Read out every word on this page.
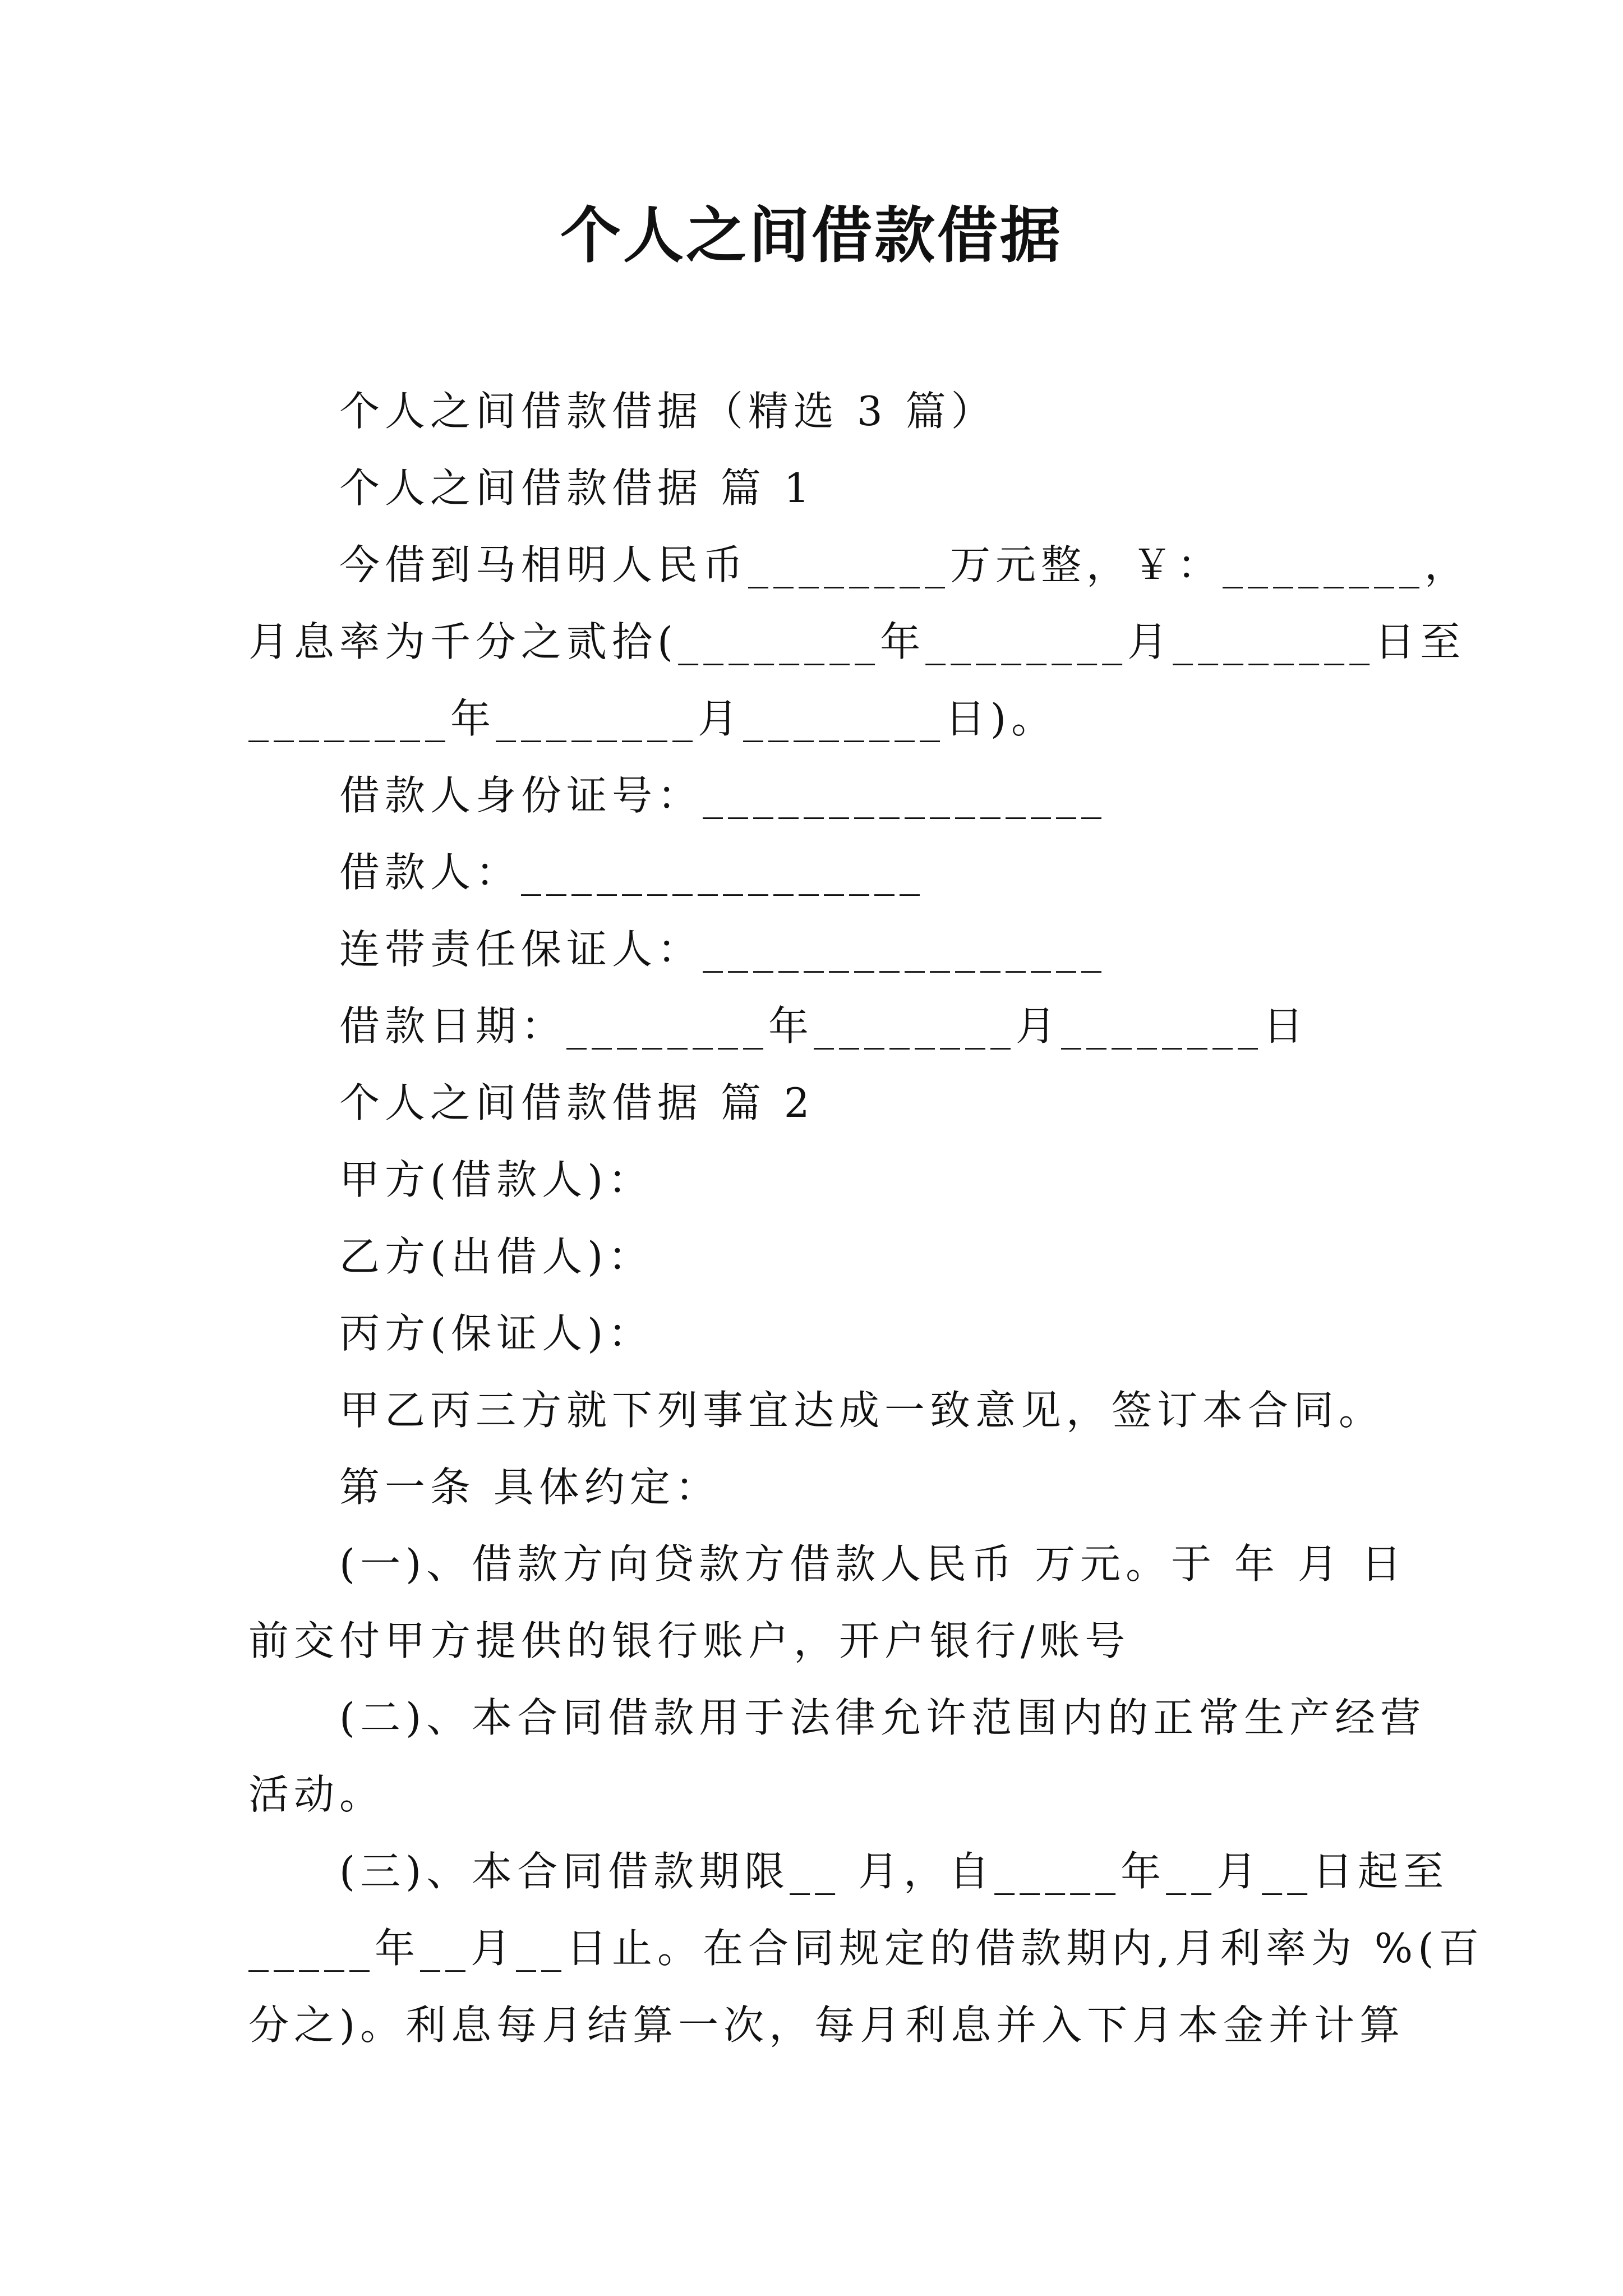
个人之间借款借据
个人之间借款借据（精选 3 篇）
个人之间借款借据 篇 1
今借到马相明人民币________万元整，￥：________，
月息率为千分之贰拾(________年________月________日至
________年________月________日)。
借款人身份证号：________________
借款人：________________
连带责任保证人：________________
借款日期：________年________月________日
个人之间借款借据 篇 2
甲方(借款人)：
乙方(出借人)：
丙方(保证人)：
甲乙丙三方就下列事宜达成一致意见，签订本合同。
第一条 具体约定：
(一)、借款方向贷款方借款人民币 万元。于 年 月 日
前交付甲方提供的银行账户，开户银行/账号
(二)、本合同借款用于法律允许范围内的正常生产经营
活动。
(三)、本合同借款期限__ 月，自_____年__月__日起至
_____年__月__日止。在合同规定的借款期内,月利率为 %(百
分之)。利息每月结算一次，每月利息并入下月本金并计算
